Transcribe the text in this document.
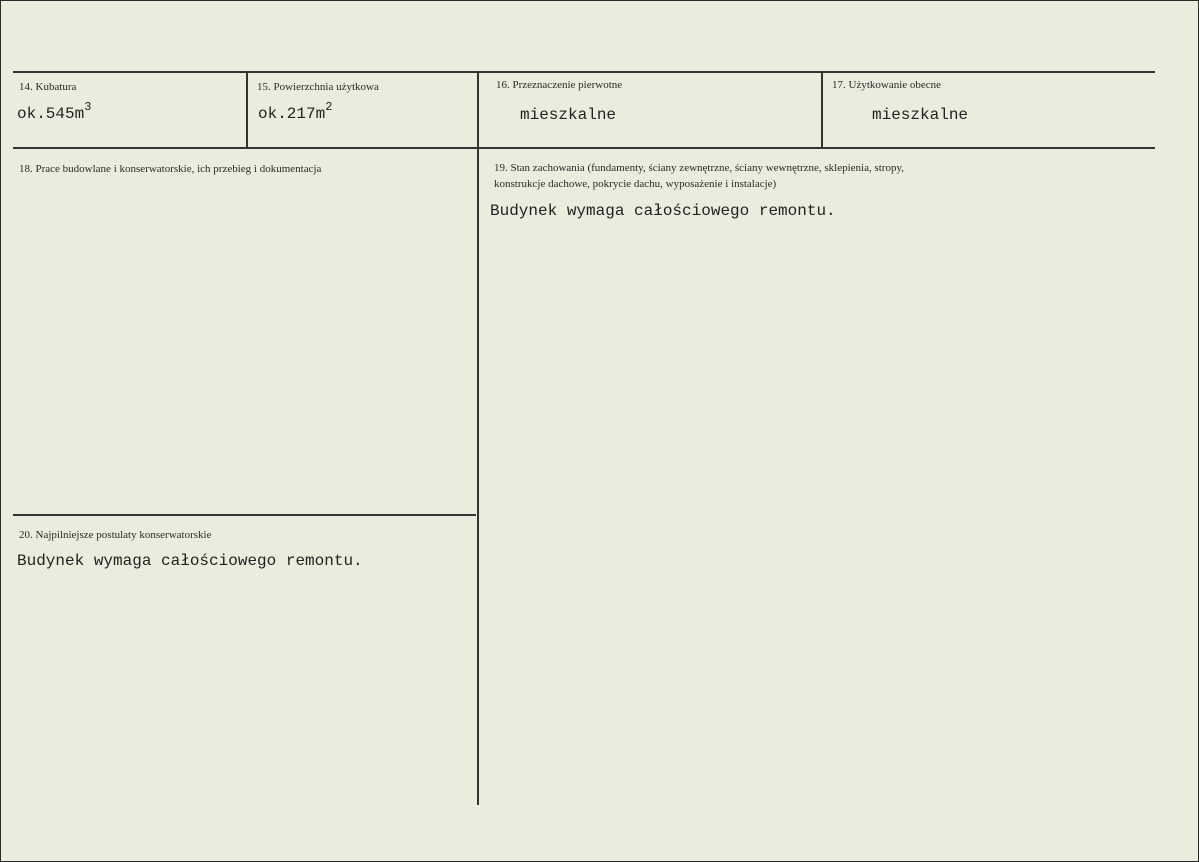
14. Kubatura
$ok.545m^3$
15. Powierzchnia użytkowa
$ok.217m^2$
16. Przeznaczenie pierwotne
mieszkalne
17. Użytkowanie obecne
mieszkalne
18. Prace budowlane i konserwatorskie, ich przebieg i dokumentacja	19. Stan zachowania (fundamenty, ściany zewnętrzne, ściany wewnętrzne, sklepienia, stropy,
konstrukcje dachowe, pokrycie dachu, wyposażenie i instalacje)
Budynek wymaga całościowego remontu.
20. Najpilniejsze postulaty konserwatorskie
Budynek wymaga całościowego remontu.
